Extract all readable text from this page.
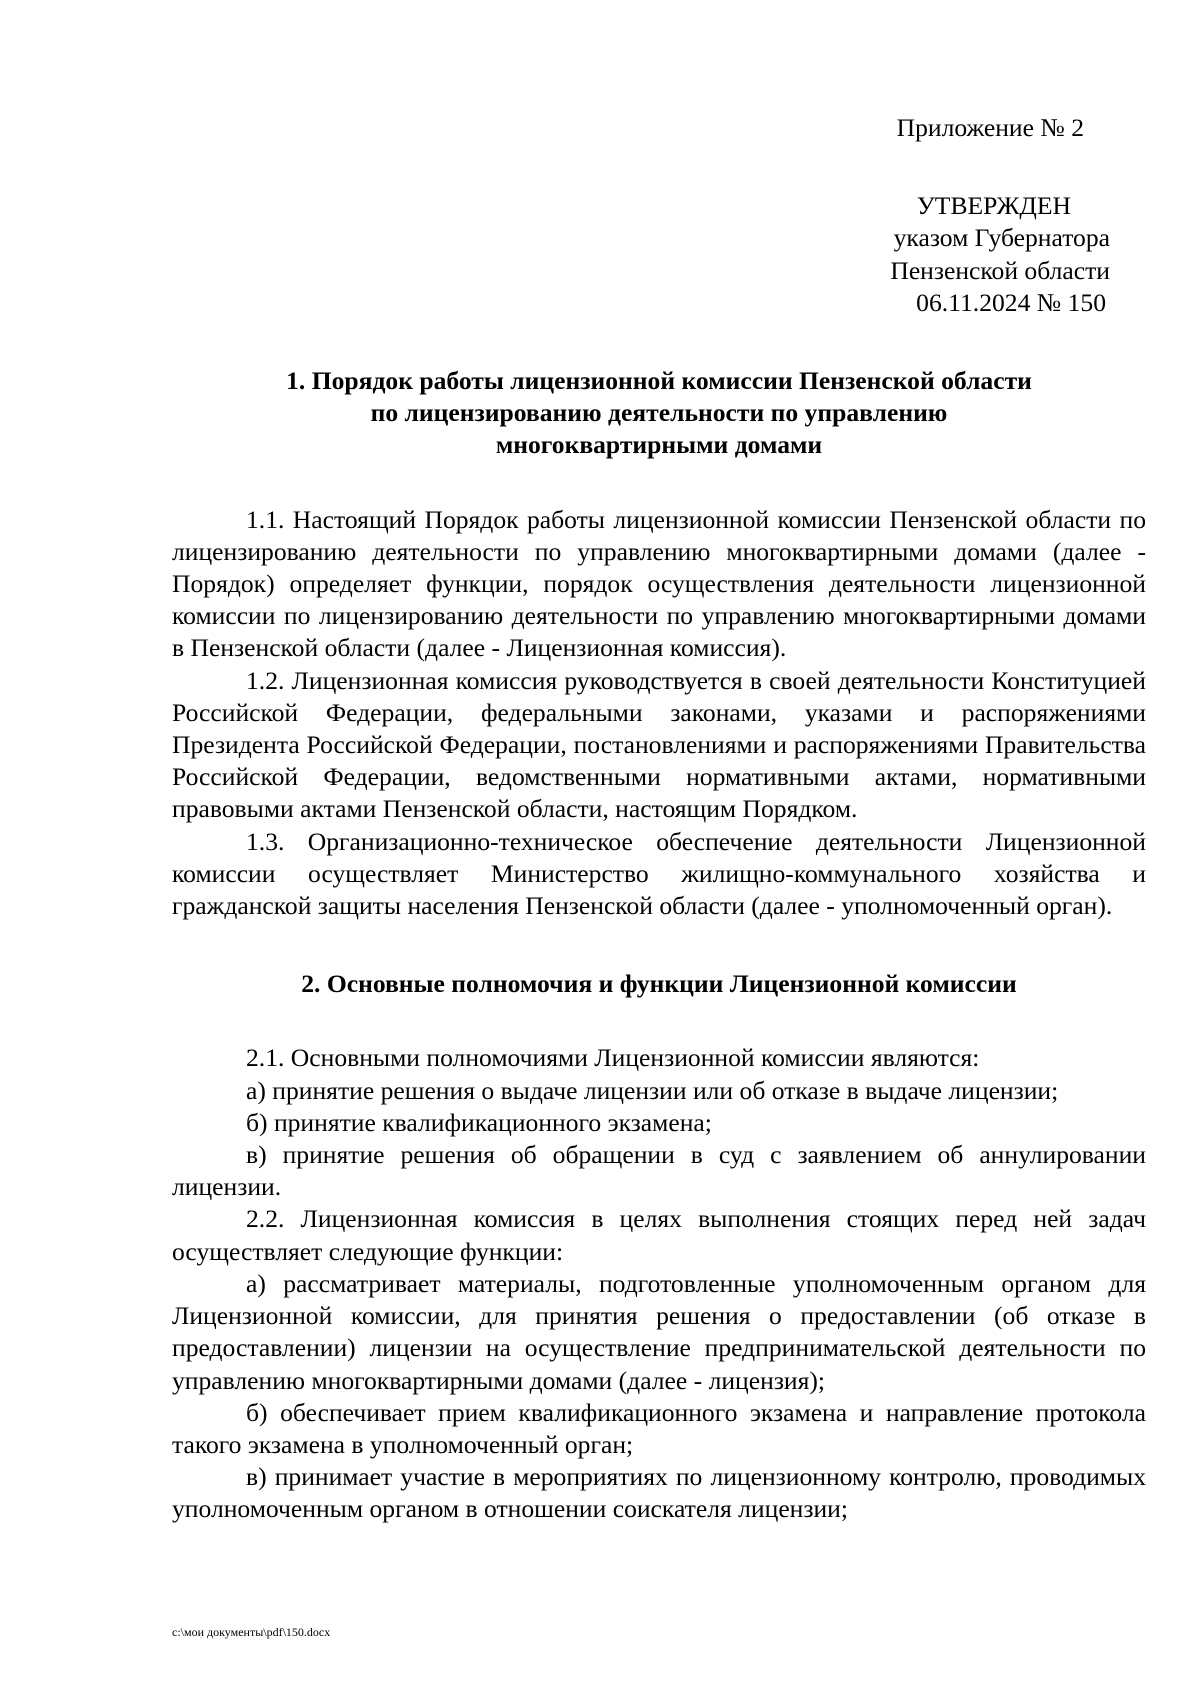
Приложение № 2

УТВЕРЖДЕН
указом Губернатора
Пензенской области
06.11.2024 № 150
1. Порядок работы лицензионной комиссии Пензенской области
по лицензированию деятельности по управлению
многоквартирными домами

1.1. Настоящий Порядок работы лицензионной комиссии Пензенской области по лицензированию деятельности по управлению многоквартирными домами (далее - Порядок) определяет функции, порядок осуществления деятельности лицензионной комиссии по лицензированию деятельности по управлению многоквартирными домами в Пензенской области (далее - Лицензионная комиссия).

1.2. Лицензионная комиссия руководствуется в своей деятельности Конституцией Российской Федерации, федеральными законами, указами и распоряжениями Президента Российской Федерации, постановлениями и распоряжениями Правительства Российской Федерации, ведомственными нормативными актами, нормативными правовыми актами Пензенской области, настоящим Порядком.

1.3. Организационно-техническое обеспечение деятельности Лицензионной комиссии осуществляет Министерство жилищно-коммунального хозяйства и гражданской защиты населения Пензенской области (далее - уполномоченный орган).

2. Основные полномочия и функции Лицензионной комиссии

2.1. Основными полномочиями Лицензионной комиссии являются:

а) принятие решения о выдаче лицензии или об отказе в выдаче лицензии;

б) принятие квалификационного экзамена;

в) принятие решения об обращении в суд с заявлением об аннулировании лицензии.

2.2. Лицензионная комиссия в целях выполнения стоящих перед ней задач осуществляет следующие функции:

а) рассматривает материалы, подготовленные уполномоченным органом для Лицензионной комиссии, для принятия решения о предоставлении (об отказе в предоставлении) лицензии на осуществление предпринимательской деятельности по управлению многоквартирными домами (далее - лицензия);

б) обеспечивает прием квалификационного экзамена и направление протокола такого экзамена в уполномоченный орган;

в) принимает участие в мероприятиях по лицензионному контролю, проводимых уполномоченным органом в отношении соискателя лицензии;

c:\мои документы\pdf\150.docx
